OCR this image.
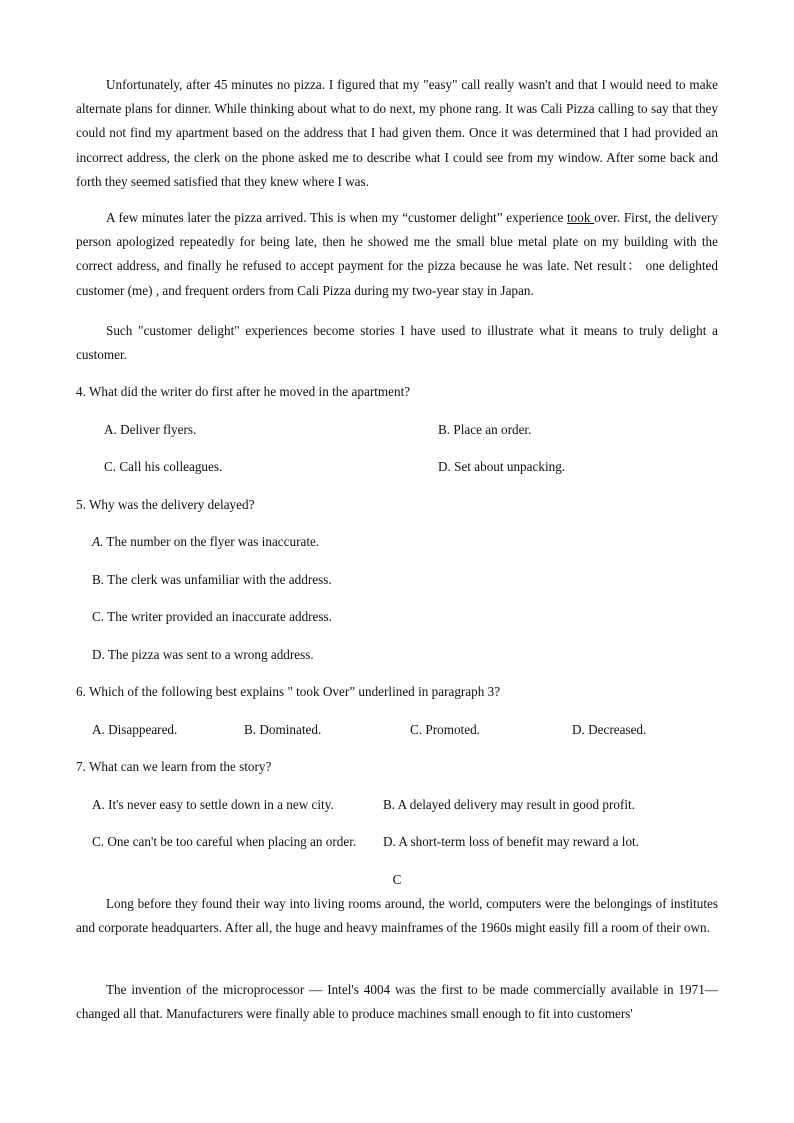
Unfortunately, after 45 minutes no pizza. I figured that my "easy" call really wasn't and that I would need to make alternate plans for dinner. While thinking about what to do next, my phone rang. It was Cali Pizza calling to say that they could not find my apartment based on the address that I had given them. Once it was determined that I had provided an incorrect address, the clerk on the phone asked me to describe what I could see from my window. After some back and forth they seemed satisfied that they knew where I was.

A few minutes later the pizza arrived. This is when my “customer delight” experience took over. First, the delivery person apologized repeatedly for being late, then he showed me the small blue metal plate on my building with the correct address, and finally he refused to accept payment for the pizza because he was late. Net result： one delighted customer (me) , and frequent orders from Cali Pizza during my two-year stay in Japan.

Such "customer delight" experiences become stories I have used to illustrate what it means to truly delight a customer.

4. What did the writer do first after he moved in the apartment?
A. Deliver flyers.	B. Place an order.
C. Call his colleagues.	D. Set about unpacking.
5. Why was the delivery delayed?
A. The number on the flyer was inaccurate.
B. The clerk was unfamiliar with the address.
C. The writer provided an inaccurate address.
D. The pizza was sent to a wrong address.
6. Which of the following best explains " took Over” underlined in paragraph 3?
A. Disappeared.	B. Dominated.	C. Promoted.	D. Decreased.
7. What can we learn from the story?
A. It's never easy to settle down in a new city.	B. A delayed delivery may result in good profit.
C. One can't be too careful when placing an order. D. A short-term loss of benefit may reward a lot.
C

Long before they found their way into living rooms around, the world, computers were the belongings of institutes and corporate headquarters. After all, the huge and heavy mainframes of the 1960s might easily fill a room of their own.

The invention of the microprocessor — Intel's 4004 was the first to be made commercially available in 1971—changed all that. Manufacturers were finally able to produce machines small enough to fit into customers'
